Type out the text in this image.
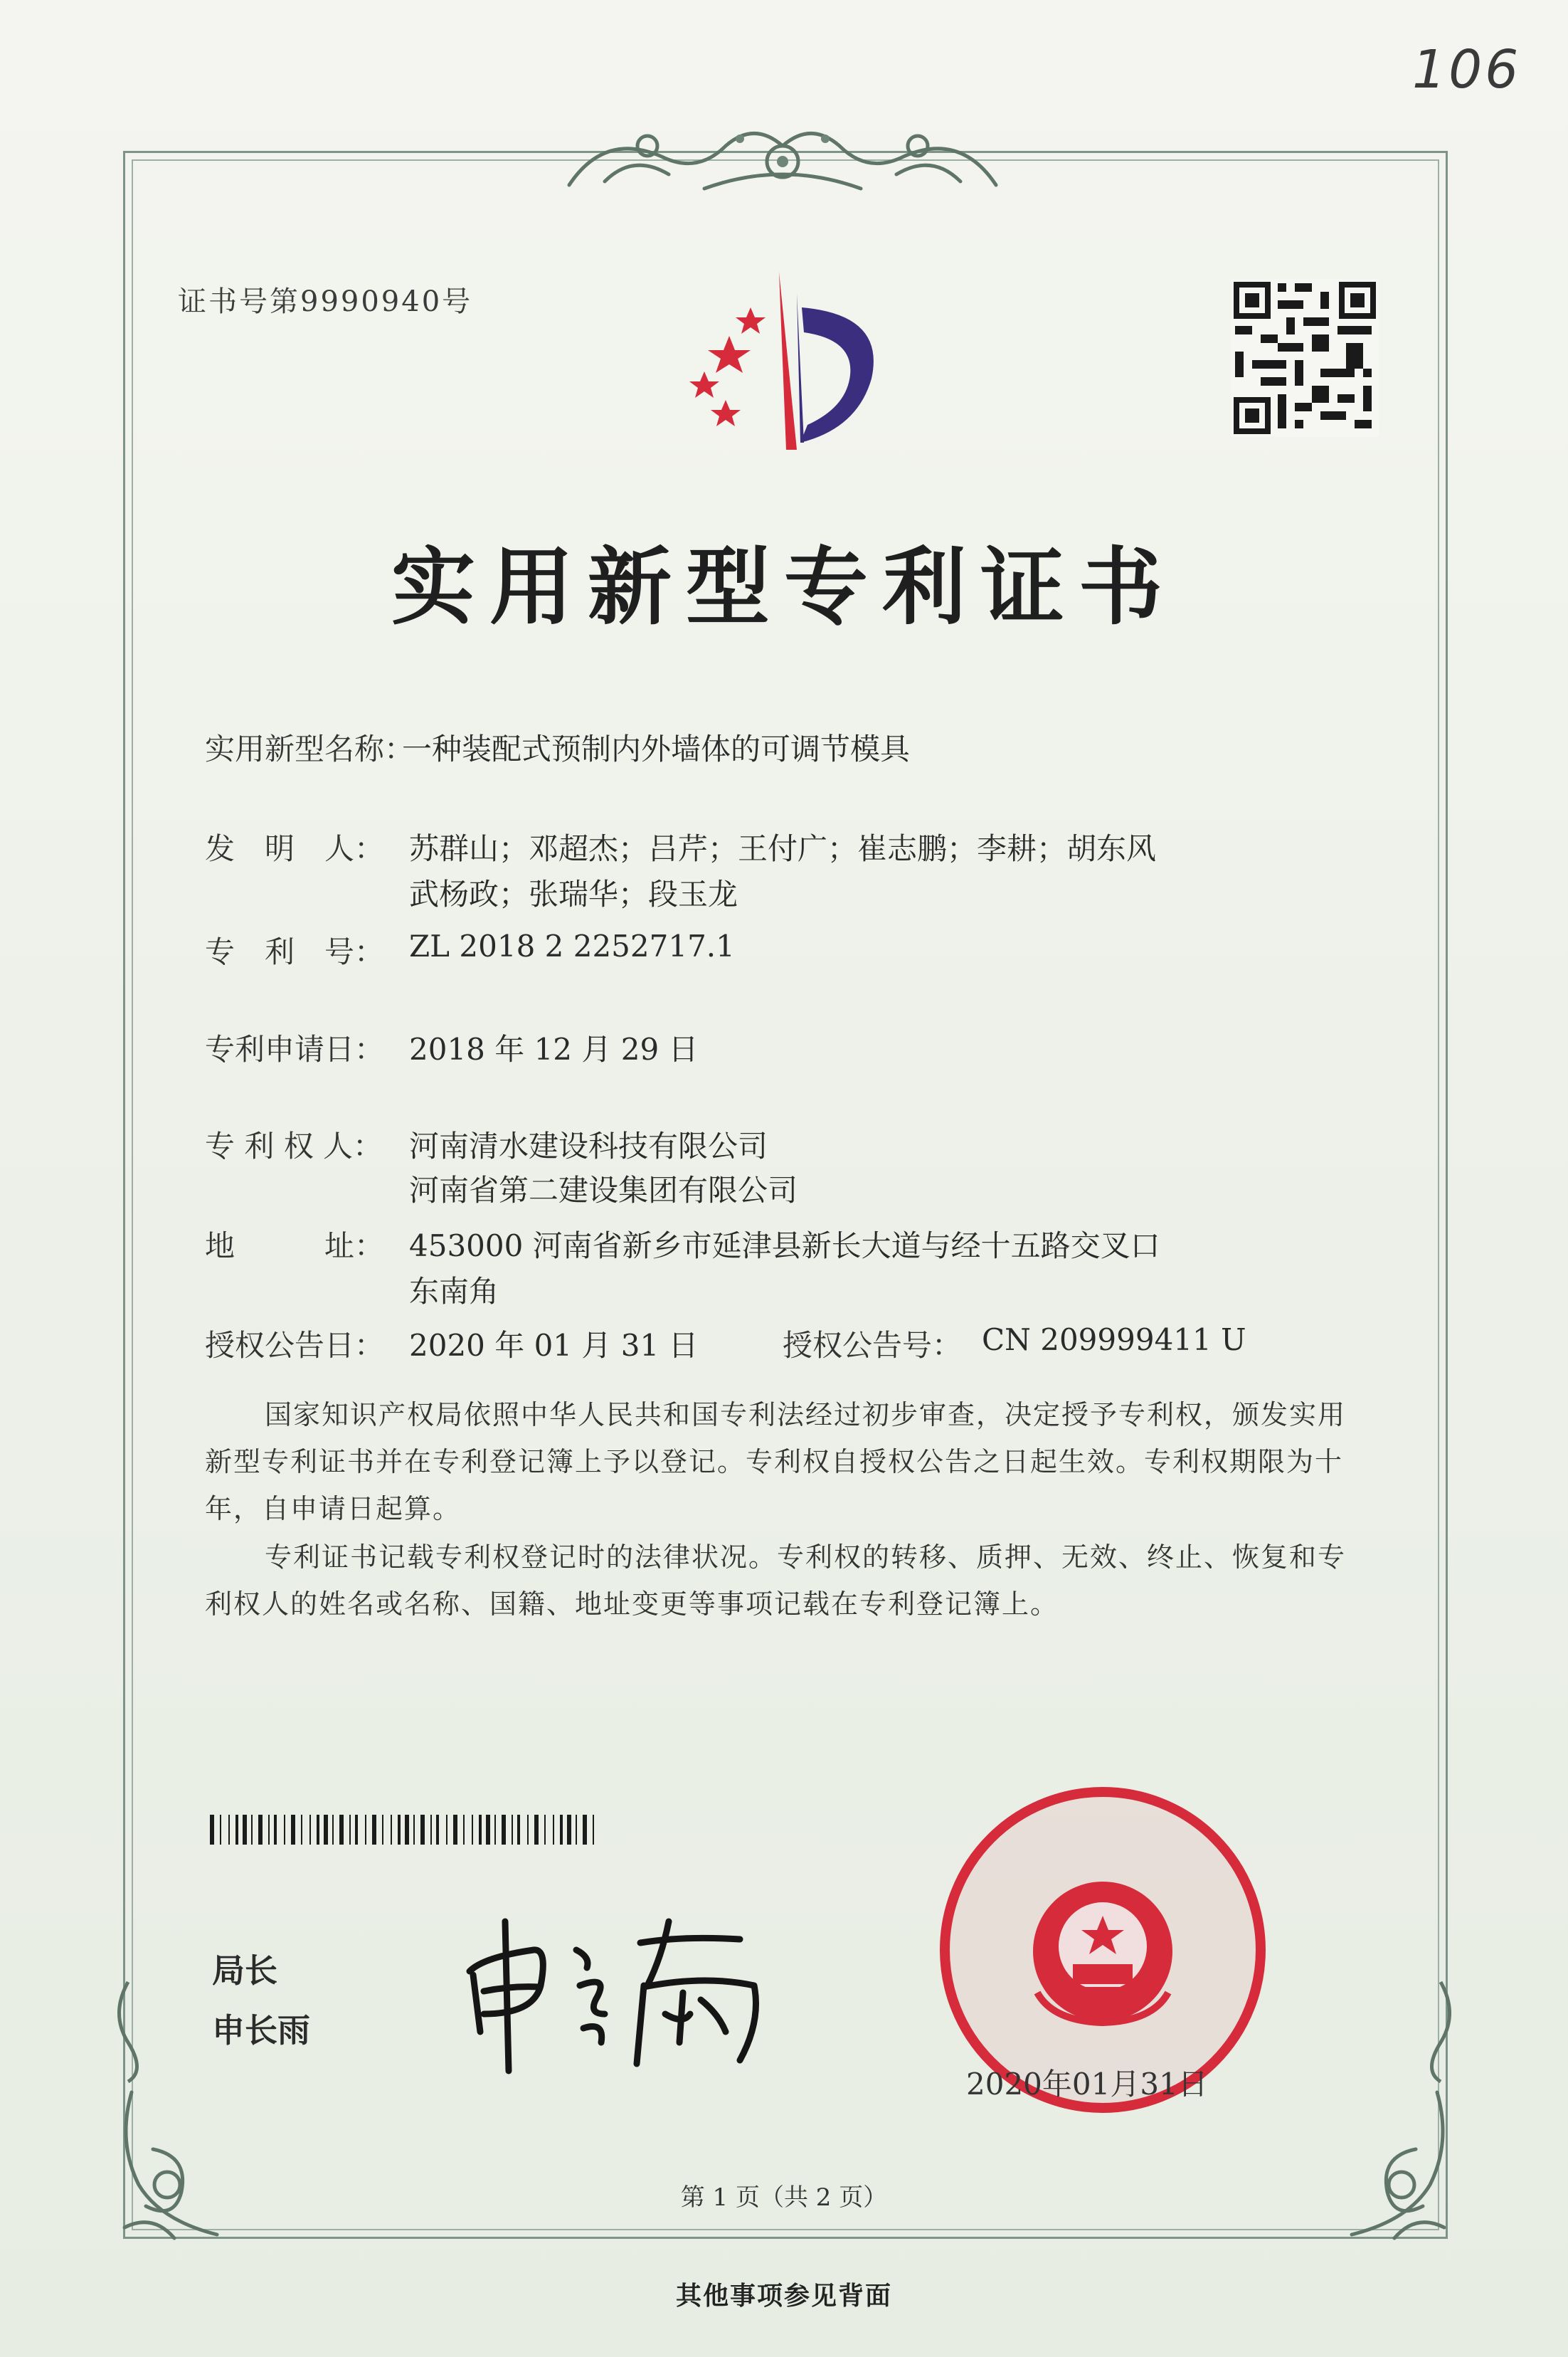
106
证书号第9990940号
实用新型专利证书
实用新型名称：
一种装配式预制内外墙体的可调节模具
发　明　人： 苏群山；邓超杰；吕芹；王付广；崔志鹏；李耕；胡东风
武杨政；张瑞华；段玉龙
专　利　号： ZL 2018 2 2252717.1
专利申请日： 2018 年 12 月 29 日
专 利 权 人： 河南清水建设科技有限公司
河南省第二建设集团有限公司
地　　　址： 453000 河南省新乡市延津县新长大道与经十五路交叉口
东南角
授权公告日： 2020 年 01 月 31 日	授权公告号： CN 209999411 U
国家知识产权局依照中华人民共和国专利法经过初步审查，决定授予专利权，颁发实用新型专利证书并在专利登记簿上予以登记。专利权自授权公告之日起生效。专利权期限为十年，自申请日起算。
专利证书记载专利权登记时的法律状况。专利权的转移、质押、无效、终止、恢复和专利权人的姓名或名称、国籍、地址变更等事项记载在专利登记簿上。
局长
申长雨
2020年01月31日
第 1 页（共 2 页）
其他事项参见背面
